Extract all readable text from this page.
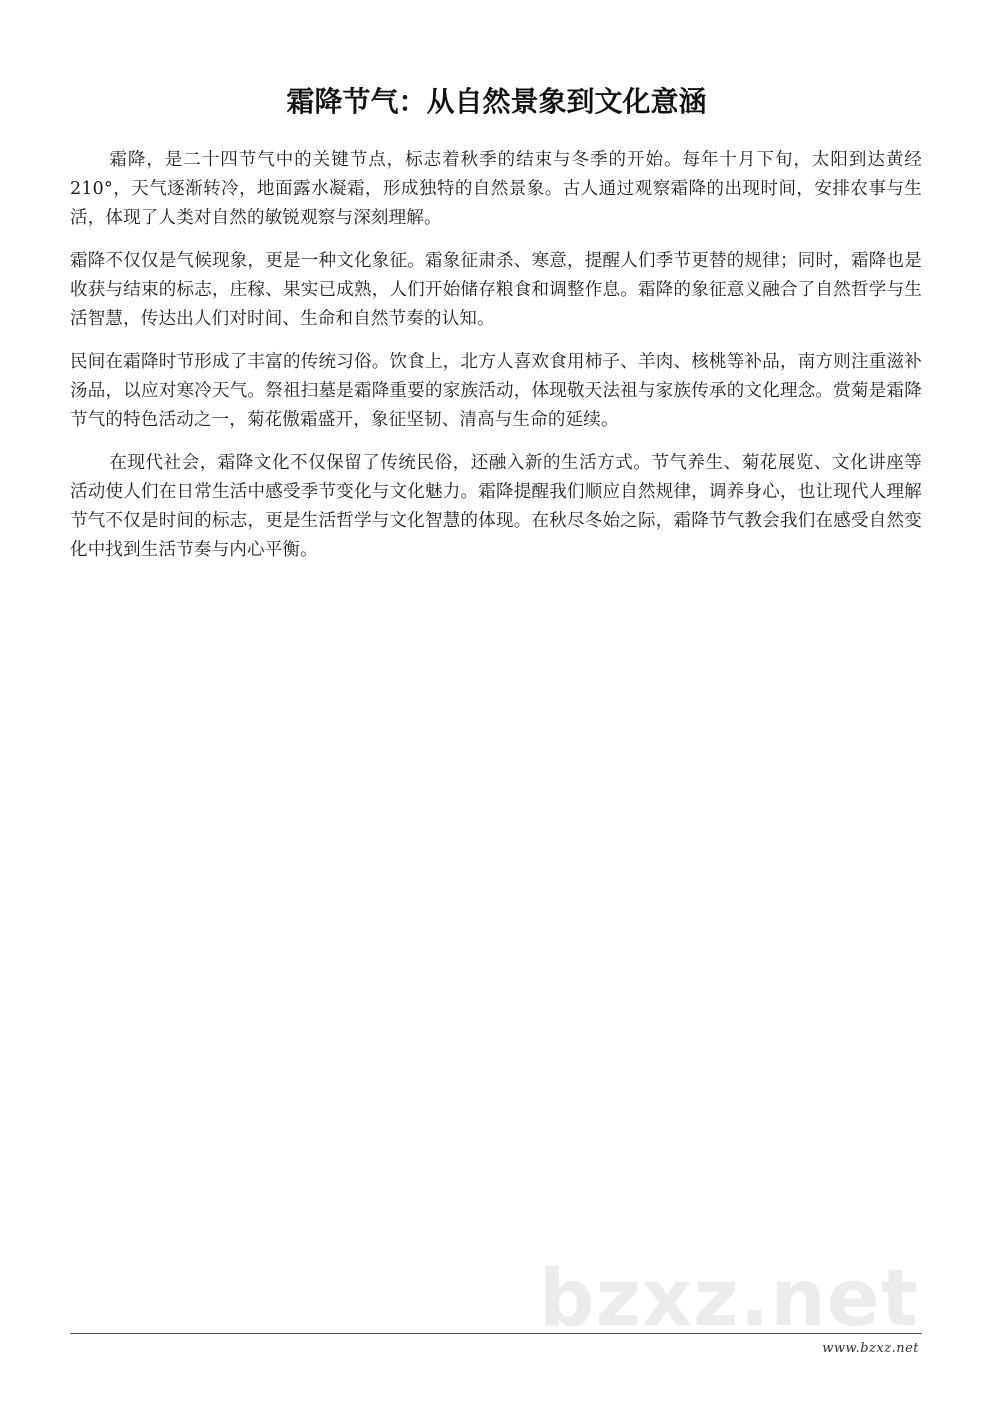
霜降节气：从自然景象到文化意涵

霜降，是二十四节气中的关键节点，标志着秋季的结束与冬季的开始。每年十月下旬，太阳到达黄经210°，天气逐渐转冷，地面露水凝霜，形成独特的自然景象。古人通过观察霜降的出现时间，安排农事与生活，体现了人类对自然的敏锐观察与深刻理解。

霜降不仅仅是气候现象，更是一种文化象征。霜象征肃杀、寒意，提醒人们季节更替的规律；同时，霜降也是收获与结束的标志，庄稼、果实已成熟，人们开始储存粮食和调整作息。霜降的象征意义融合了自然哲学与生活智慧，传达出人们对时间、生命和自然节奏的认知。

民间在霜降时节形成了丰富的传统习俗。饮食上，北方人喜欢食用柿子、羊肉、核桃等补品，南方则注重滋补汤品，以应对寒冷天气。祭祖扫墓是霜降重要的家族活动，体现敬天法祖与家族传承的文化理念。赏菊是霜降节气的特色活动之一，菊花傲霜盛开，象征坚韧、清高与生命的延续。

在现代社会，霜降文化不仅保留了传统民俗，还融入新的生活方式。节气养生、菊花展览、文化讲座等活动使人们在日常生活中感受季节变化与文化魅力。霜降提醒我们顺应自然规律，调养身心，也让现代人理解节气不仅是时间的标志，更是生活哲学与文化智慧的体现。在秋尽冬始之际，霜降节气教会我们在感受自然变化中找到生活节奏与内心平衡。

bzxz.net
www.bzxz.net
